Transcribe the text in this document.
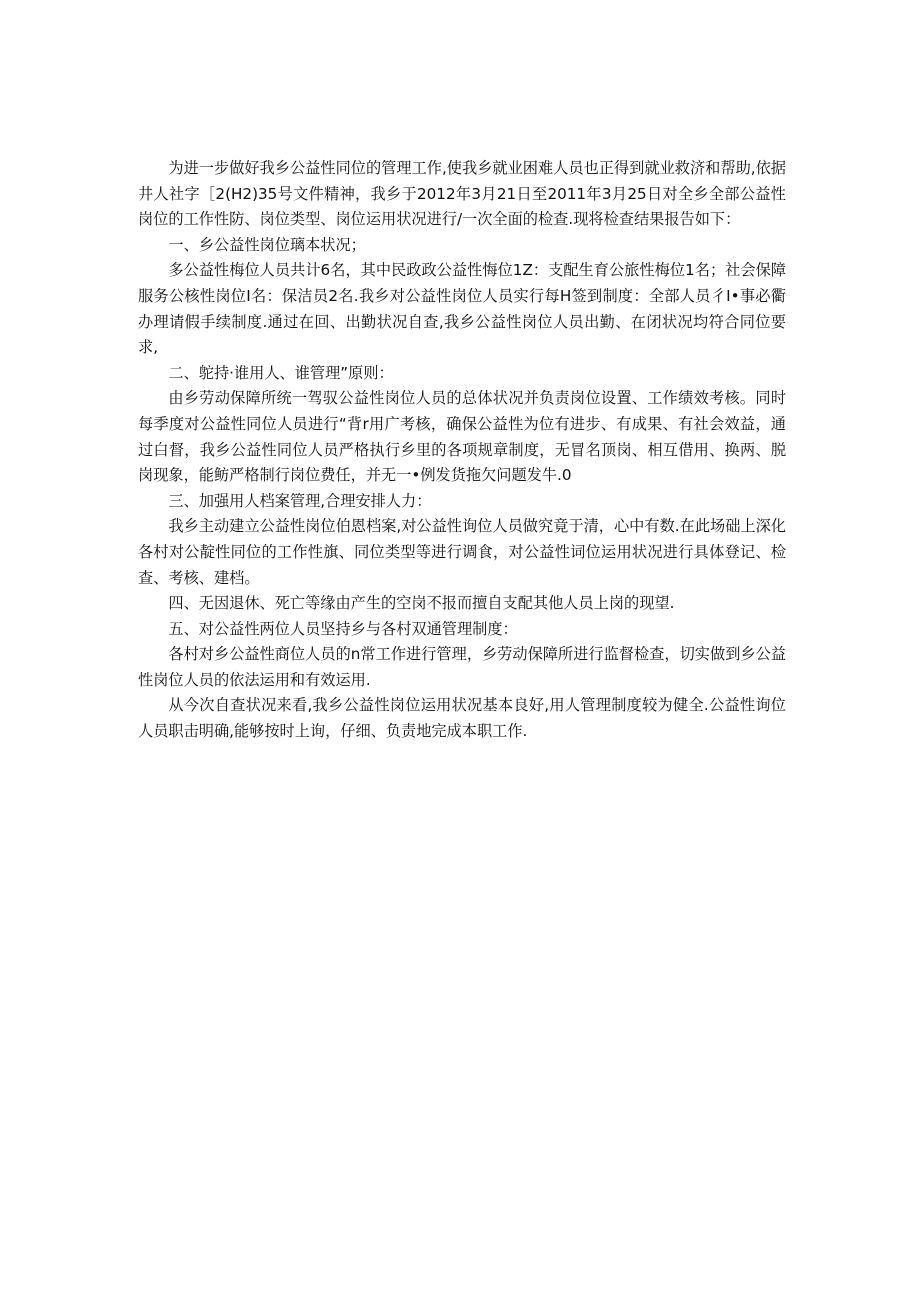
为进一步做好我乡公益性同位的管理工作,使我乡就业困难人员也正得到就业救济和帮助,依据井人社字［2(H2)35号文件精神，我乡于2012年3月21日至2011年3月25日对全乡全部公益性岗位的工作性防、岗位类型、岗位运用状况进行/一次全面的检查.现将检查结果报告如下：

一、乡公益性岗位璃本状况；

多公益性梅位人员共计6名，其中民政政公益性悔位1Z：支配生育公旅性梅位1名；社会保障服务公核性岗位I名：保洁员2名.我乡对公益性岗位人员实行每H签到制度：全部人员彳I•事必衢办理请假手续制度.通过在回、出勤状况自查,我乡公益性岗位人员出勤、在闭状况均符合同位要求,

二、鸵持·谁用人、谁管理”原则：

由乡劳动保障所统一驾驭公益性岗位人员的总体状况并负责岗位设置、工作绩效考核。同时每季度对公益性同位人员进行“背r用广考核，确保公益性为位有进步、有成果、有社会效益，通过白督，我乡公益性同位人员严格执行乡里的各项规章制度，无冒名顶岗、相互借用、换两、脱岗现象，能鲂严格制行岗位费任，并无一•例发货拖欠问题发牛.0

三、加强用人档案管理,合理安排人力：

我乡主动建立公益性岗位伯恩档案,对公益性询位人员做究竟于清，心中有数.在此场础上深化各村对公靛性同位的工作性旗、同位类型等进行调食，对公益性词位运用状况进行具体登记、检查、考核、建档。

四、无因退休、死亡等缘由产生的空岗不报而擅自支配其他人员上岗的现望.

五、对公益性两位人员坚持乡与各村双通管理制度：

各村对乡公益性商位人员的n常工作进行管理，乡劳动保障所进行监督检查，切实做到乡公益性岗位人员的依法运用和有效运用.

从今次自查状况来看,我乡公益性岗位运用状况基本良好,用人管理制度较为健全.公益性询位人员职击明确,能够按时上询，仔细、负责地完成本职工作.
